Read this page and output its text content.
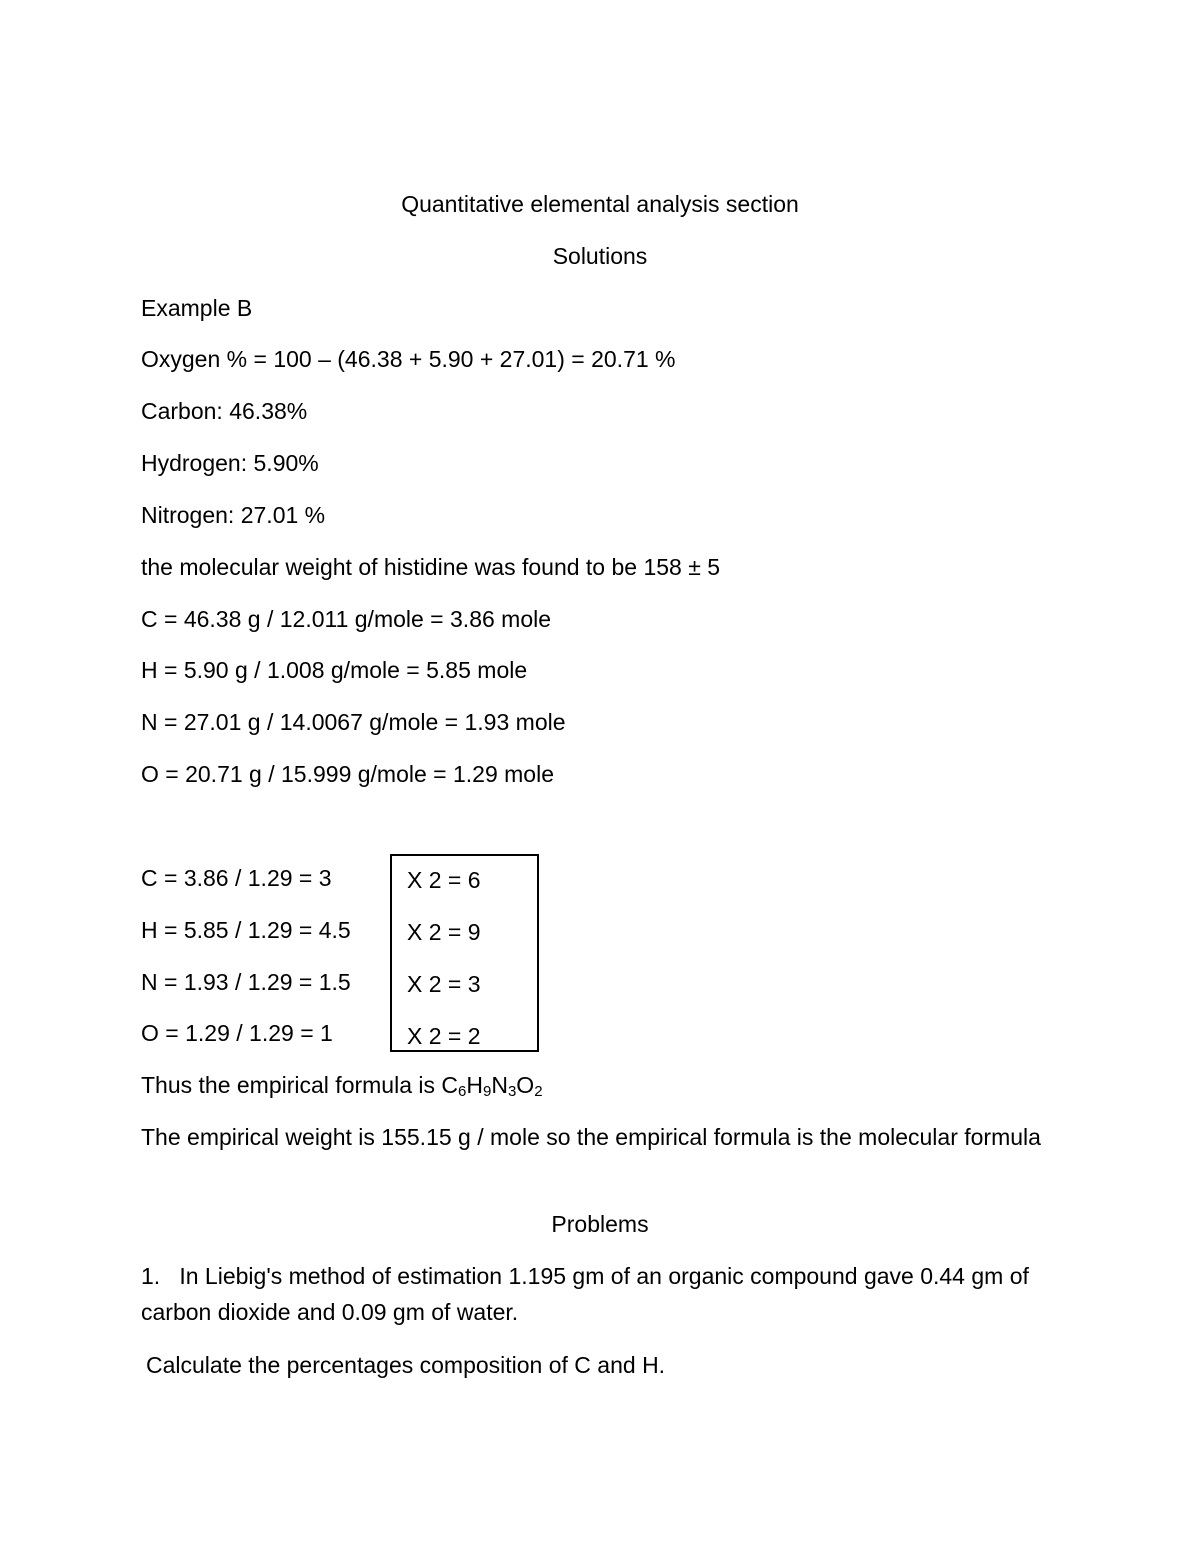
Quantitative elemental analysis section
Solutions
Example B
Oxygen % = 100 – (46.38 + 5.90 + 27.01) = 20.71 %
Carbon: 46.38%
Hydrogen: 5.90%
Nitrogen: 27.01 %
the molecular weight of histidine was found to be 158 ± 5
C = 46.38 g / 12.011 g/mole = 3.86 mole
H = 5.90 g / 1.008 g/mole = 5.85 mole
N = 27.01 g / 14.0067 g/mole = 1.93 mole
O = 20.71 g / 15.999 g/mole = 1.29 mole
C = 3.86 / 1.29 = 3
H = 5.85 / 1.29 = 4.5
N = 1.93 / 1.29 = 1.5
O = 1.29 / 1.29 = 1
X 2 = 6
X 2 = 9
X 2 = 3
X 2 = 2
Thus the empirical formula is $C_6H_9N_3O_2$
The empirical weight is 155.15 g / mole so the empirical formula is the molecular formula
Problems
1. In Liebig's method of estimation 1.195 gm of an organic compound gave 0.44 gm of carbon dioxide and 0.09 gm of water.
Calculate the percentages composition of C and H.
